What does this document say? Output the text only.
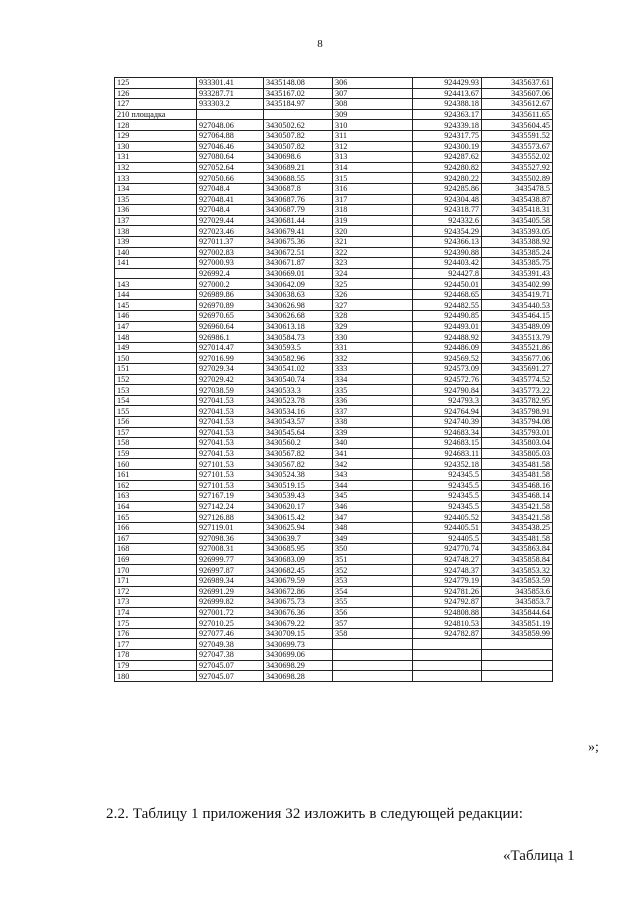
8
125	933301.41	3435148.08	306	924429.93	3435637.61
126	933287.71	3435167.02	307	924413.67	3435607.06
127	933303.2	3435184.97	308	924388.18	3435612.67
210 площадка			309	924363.17	3435611.65
128	927048.06	3430502.62	310	924339.18	3435604.45
129	927064.88	3430507.82	311	924317.75	3435591.52
130	927046.46	3430507.82	312	924300.19	3435573.67
131	927080.64	3430698.6	313	924287.62	3435552.02
132	927052.64	3430689.21	314	924280.82	3435527.92
133	927050.66	3430688.55	315	924280.22	3435502.89
134	927048.4	3430687.8	316	924285.86	3435478.5
135	927048.41	3430687.76	317	924304.48	3435438.87
136	927048.4	3430687.79	318	924318.77	3435418.31
137	927029.44	3430681.44	319	924332.6	3435405.58
138	927023.46	3430679.41	320	924354.29	3435393.05
139	927011.37	3430675.36	321	924366.13	3435388.92
140	927002.83	3430672.51	322	924390.88	3435385.24
141	927000.93	3430671.87	323	924403.42	3435385.75
	926992.4	3430669.01	324	924427.8	3435391.43
143	927000.2	3430642.09	325	924450.01	3435402.99
144	926989.86	3430638.63	326	924468.65	3435419.71
145	926970.89	3430626.98	327	924482.55	3435440.53
146	926970.65	3430626.68	328	924490.85	3435464.15
147	926960.64	3430613.18	329	924493.01	3435489.09
148	926986.1	3430584.73	330	924488.92	3435513.79
149	927014.47	3430593.5	331	924486.09	3435521.86
150	927016.99	3430582.96	332	924569.52	3435677.06
151	927029.34	3430541.02	333	924573.09	3435691.27
152	927029.42	3430540.74	334	924572.76	3435774.52
153	927038.59	3430533.3	335	924790.84	3435773.22
154	927041.53	3430523.78	336	924793.3	3435782.95
155	927041.53	3430534.16	337	924764.94	3435798.91
156	927041.53	3430543.57	338	924740.39	3435794.08
157	927041.53	3430545.64	339	924683.34	3435793.01
158	927041.53	3430560.2	340	924683.15	3435803.04
159	927041.53	3430567.82	341	924683.11	3435805.03
160	927101.53	3430567.82	342	924352.18	3435481.58
161	927101.53	3430524.38	343	924345.5	3435481.58
162	927101.53	3430519.15	344	924345.5	3435468.16
163	927167.19	3430539.43	345	924345.5	3435468.14
164	927142.24	3430620.17	346	924345.5	3435421.58
165	927126.88	3430615.42	347	924405.52	3435421.58
166	927119.01	3430625.94	348	924405.51	3435438.25
167	927098.36	3430639.7	349	924405.5	3435481.58
168	927008.31	3430685.95	350	924770.74	3435863.84
169	926999.77	3430683.09	351	924748.27	3435858.84
170	926997.87	3430682.45	352	924748.37	3435853.32
171	926989.34	3430679.59	353	924779.19	3435853.59
172	926991.29	3430672.86	354	924781.26	3435853.6
173	926999.82	3430675.73	355	924792.87	3435853.7
174	927001.72	3430676.36	356	924808.88	3435844.64
175	927010.25	3430679.22	357	924810.53	3435851.19
176	927077.46	3430709.15	358	924782.87	3435859.99
177	927049.38	3430699.73			
178	927047.38	3430699.06			
179	927045.07	3430698.29			
180	927045.07	3430698.28			
»;
2.2. Таблицу 1 приложения 32 изложить в следующей редакции:
«Таблица 1
